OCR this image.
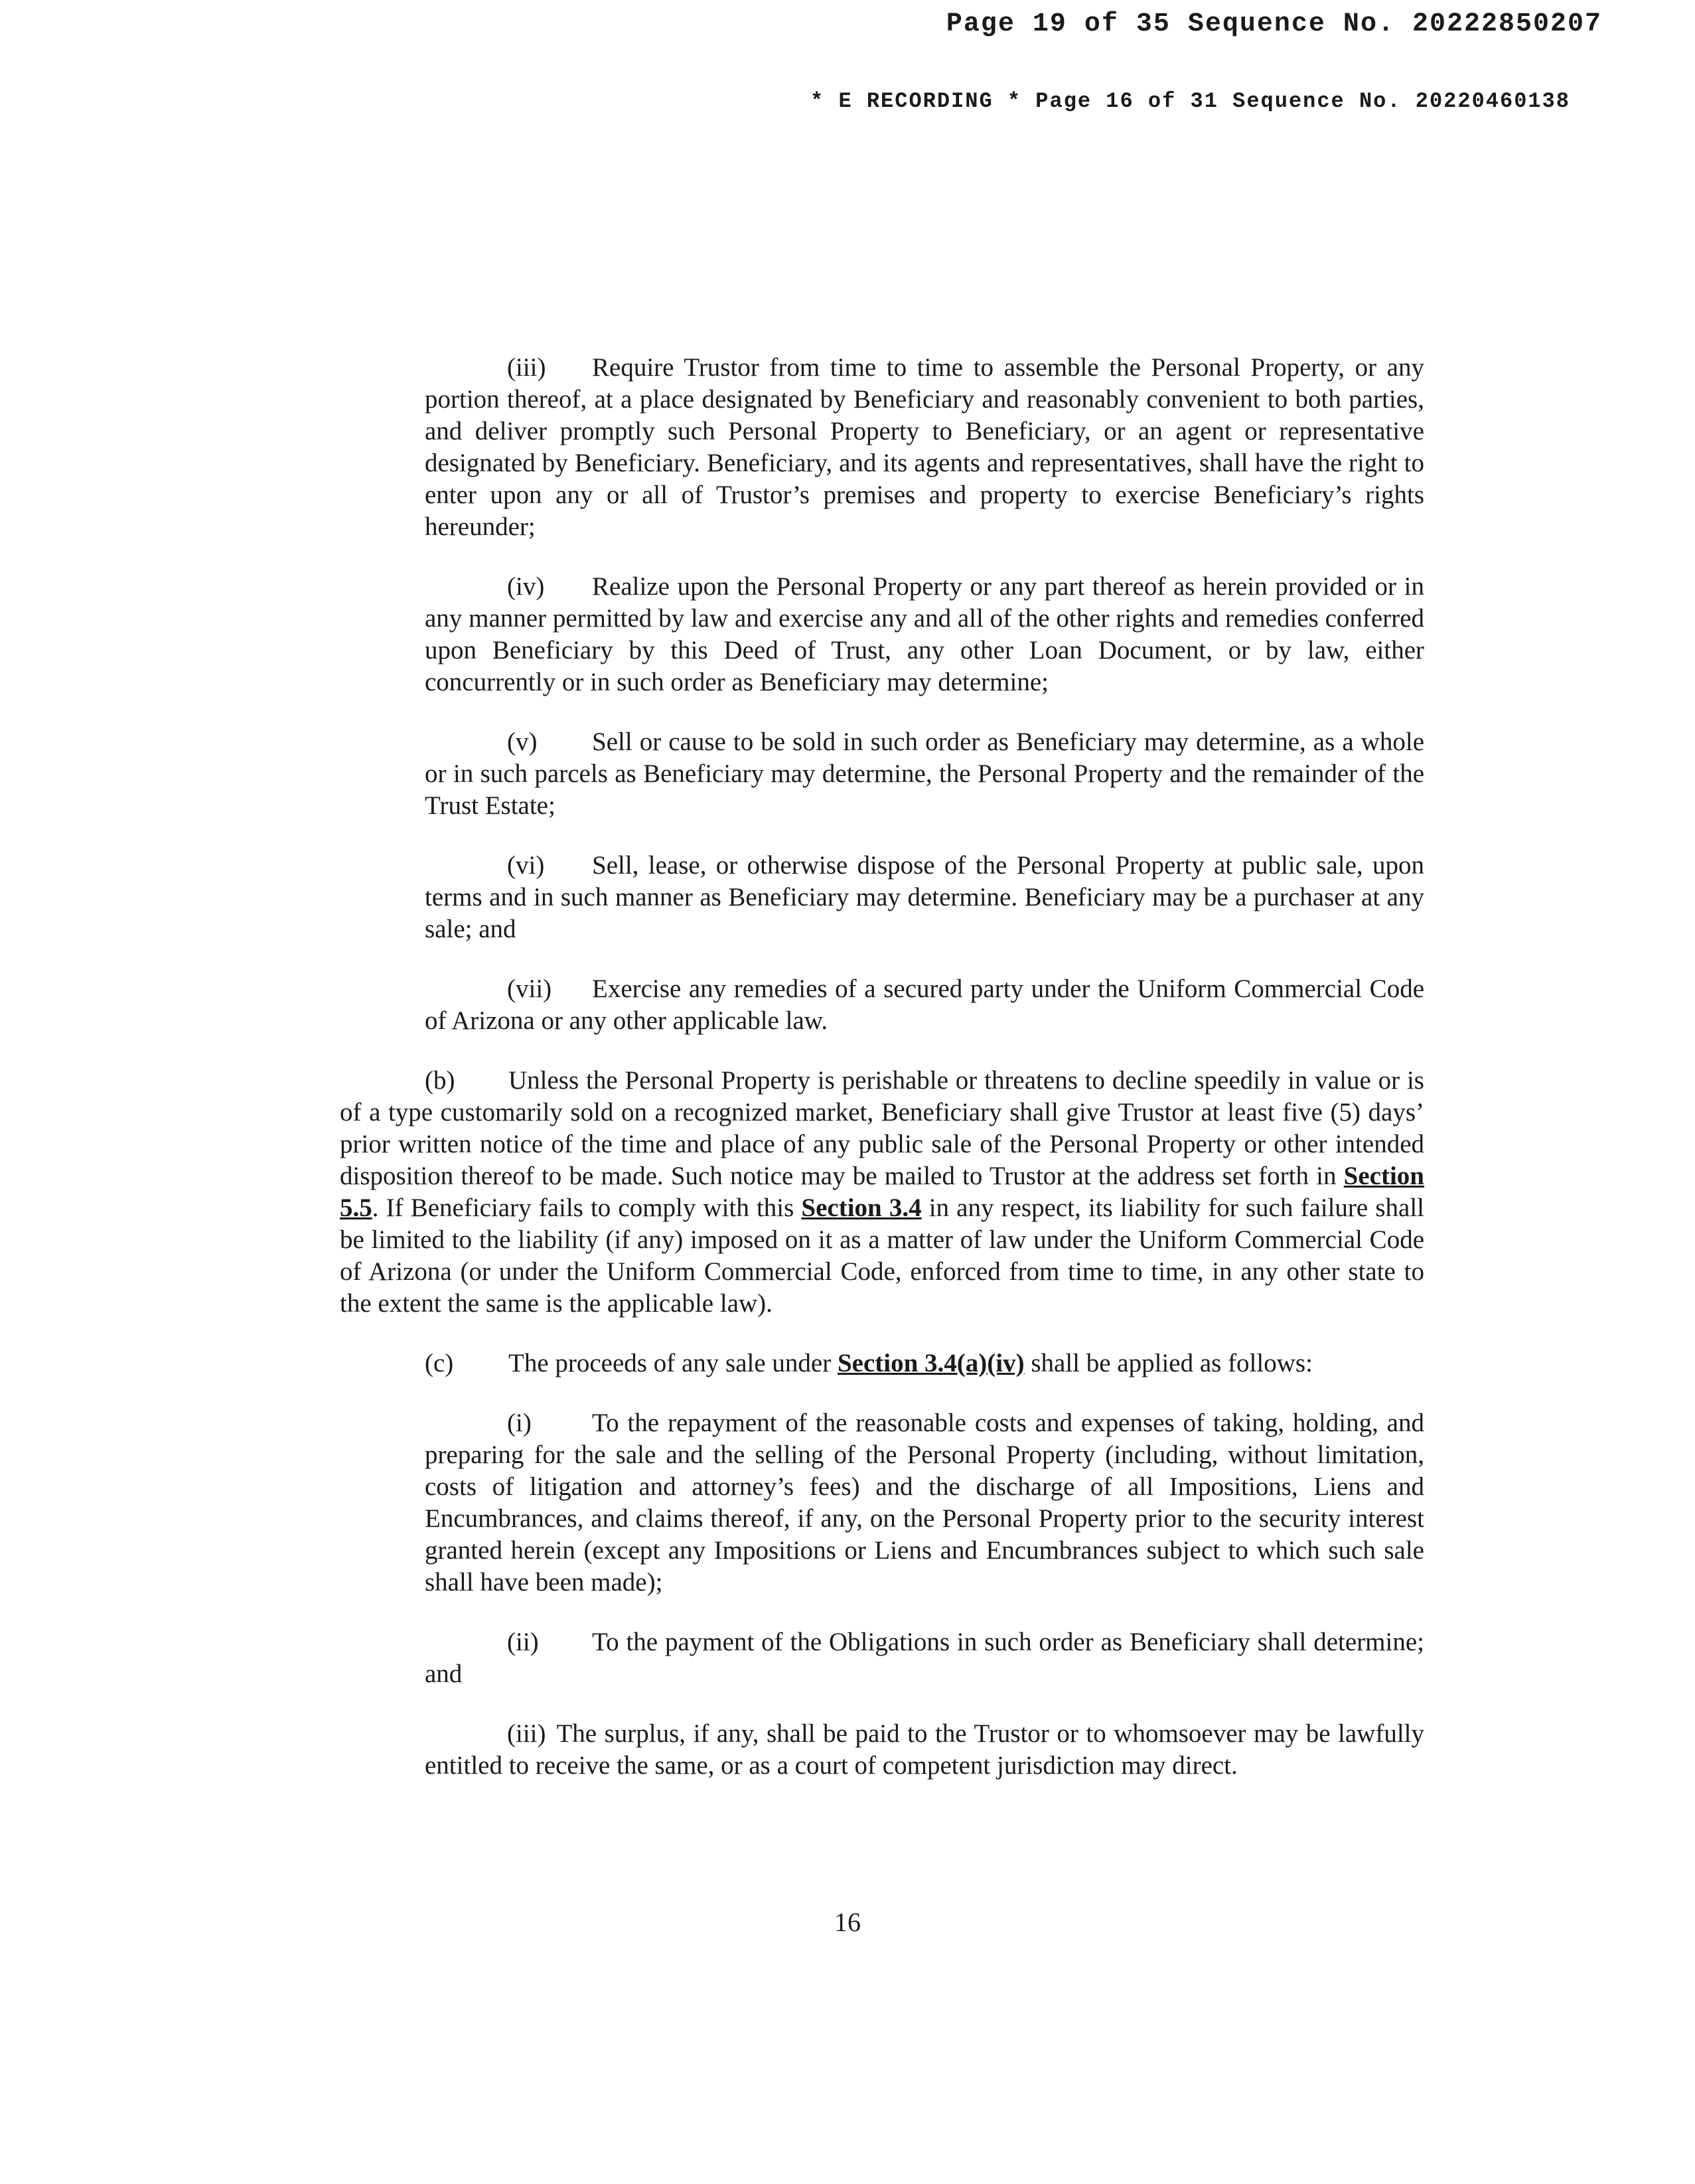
Page 19 of 35 Sequence No. 20222850207
* E RECORDING * Page 16 of 31 Sequence No. 20220460138

(iii) Require Trustor from time to time to assemble the Personal Property, or any portion thereof, at a place designated by Beneficiary and reasonably convenient to both parties, and deliver promptly such Personal Property to Beneficiary, or an agent or representative designated by Beneficiary. Beneficiary, and its agents and representatives, shall have the right to enter upon any or all of Trustor’s premises and property to exercise Beneficiary’s rights hereunder;

(iv) Realize upon the Personal Property or any part thereof as herein provided or in any manner permitted by law and exercise any and all of the other rights and remedies conferred upon Beneficiary by this Deed of Trust, any other Loan Document, or by law, either concurrently or in such order as Beneficiary may determine;

(v) Sell or cause to be sold in such order as Beneficiary may determine, as a whole or in such parcels as Beneficiary may determine, the Personal Property and the remainder of the Trust Estate;

(vi) Sell, lease, or otherwise dispose of the Personal Property at public sale, upon terms and in such manner as Beneficiary may determine. Beneficiary may be a purchaser at any sale; and

(vii) Exercise any remedies of a secured party under the Uniform Commercial Code of Arizona or any other applicable law.

(b) Unless the Personal Property is perishable or threatens to decline speedily in value or is of a type customarily sold on a recognized market, Beneficiary shall give Trustor at least five (5) days’ prior written notice of the time and place of any public sale of the Personal Property or other intended disposition thereof to be made. Such notice may be mailed to Trustor at the address set forth in Section 5.5. If Beneficiary fails to comply with this Section 3.4 in any respect, its liability for such failure shall be limited to the liability (if any) imposed on it as a matter of law under the Uniform Commercial Code of Arizona (or under the Uniform Commercial Code, enforced from time to time, in any other state to the extent the same is the applicable law).

(c) The proceeds of any sale under Section 3.4(a)(iv) shall be applied as follows:

(i) To the repayment of the reasonable costs and expenses of taking, holding, and preparing for the sale and the selling of the Personal Property (including, without limitation, costs of litigation and attorney’s fees) and the discharge of all Impositions, Liens and Encumbrances, and claims thereof, if any, on the Personal Property prior to the security interest granted herein (except any Impositions or Liens and Encumbrances subject to which such sale shall have been made);

(ii) To the payment of the Obligations in such order as Beneficiary shall determine; and

(iii) The surplus, if any, shall be paid to the Trustor or to whomsoever may be lawfully entitled to receive the same, or as a court of competent jurisdiction may direct.

16
